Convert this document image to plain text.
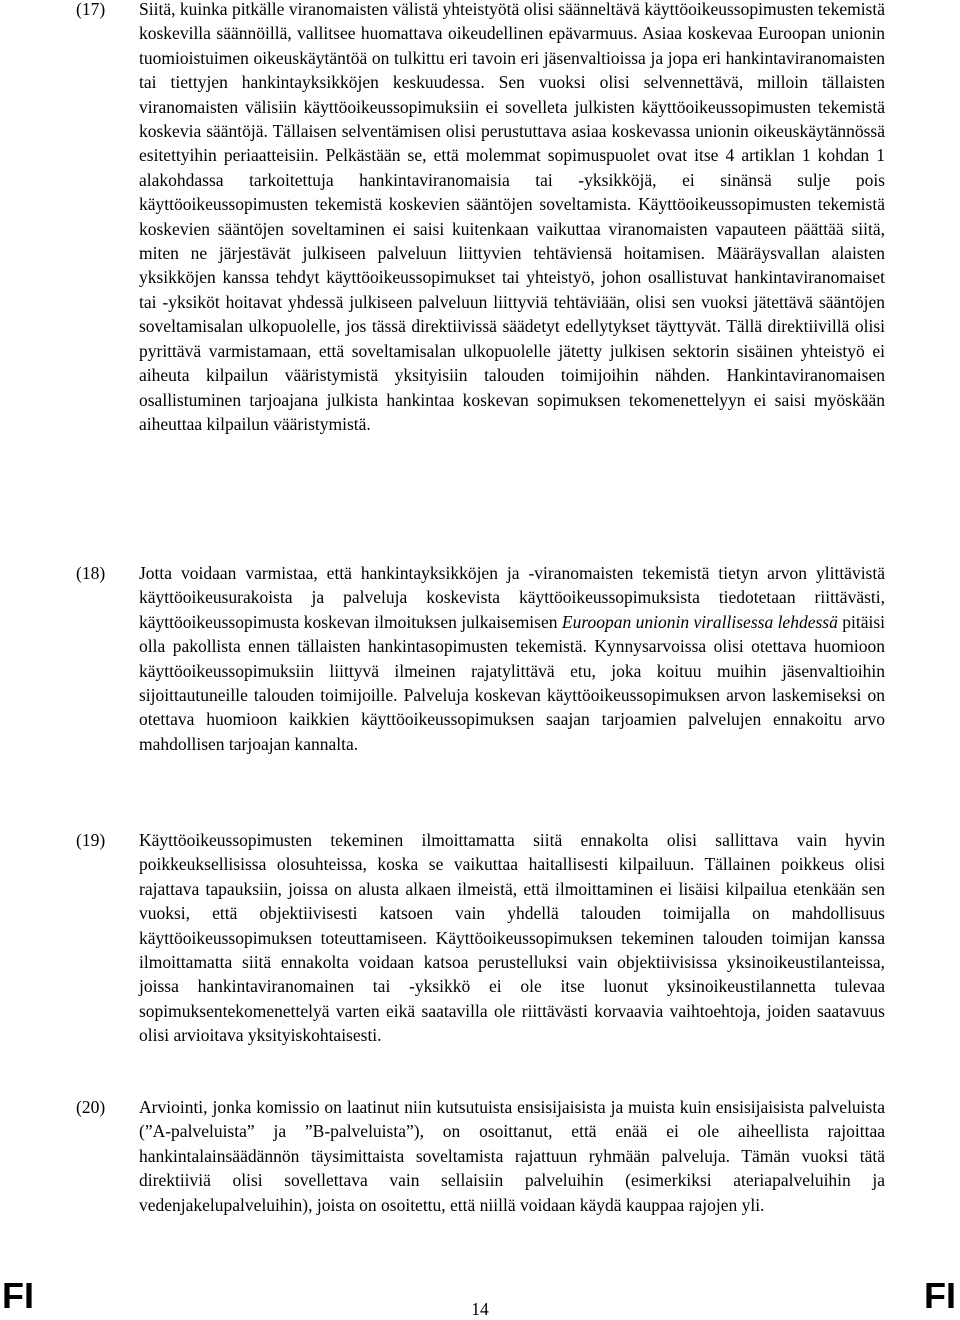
(17) Siitä, kuinka pitkälle viranomaisten välistä yhteistyötä olisi säänneltävä käyttöoikeussopimusten tekemistä koskevilla säännöillä, vallitsee huomattava oikeudellinen epävarmuus. Asiaa koskevaa Euroopan unionin tuomioistuimen oikeuskäytäntöä on tulkittu eri tavoin eri jäsenvaltioissa ja jopa eri hankintaviranomaisten tai tiettyjen hankintayksikköjen keskuudessa. Sen vuoksi olisi selvennettävä, milloin tällaisten viranomaisten välisiin käyttöoikeussopimuksiin ei sovelleta julkisten käyttöoikeussopimusten tekemistä koskevia sääntöjä. Tällaisen selventämisen olisi perustuttava asiaa koskevassa unionin oikeuskäytännössä esitettyihin periaatteisiin. Pelkästään se, että molemmat sopimuspuolet ovat itse 4 artiklan 1 kohdan 1 alakohdassa tarkoitettuja hankintaviranomaisia tai -yksikköjä, ei sinänsä sulje pois käyttöoikeussopimusten tekemistä koskevien sääntöjen soveltamista. Käyttöoikeussopimusten tekemistä koskevien sääntöjen soveltaminen ei saisi kuitenkaan vaikuttaa viranomaisten vapauteen päättää siitä, miten ne järjestävät julkiseen palveluun liittyvien tehtäviensä hoitamisen. Määräysvallan alaisten yksikköjen kanssa tehdyt käyttöoikeussopimukset tai yhteistyö, johon osallistuvat hankintaviranomaiset tai -yksiköt hoitavat yhdessä julkiseen palveluun liittyviä tehtäviään, olisi sen vuoksi jätettävä sääntöjen soveltamisalan ulkopuolelle, jos tässä direktiivissä säädetyt edellytykset täyttyvät. Tällä direktiivillä olisi pyrittävä varmistamaan, että soveltamisalan ulkopuolelle jätetty julkisen sektorin sisäinen yhteistyö ei aiheuta kilpailun vääristymistä yksityisiin talouden toimijoihin nähden. Hankintaviranomaisen osallistuminen tarjoajana julkista hankintaa koskevan sopimuksen tekomenettelyyn ei saisi myöskään aiheuttaa kilpailun vääristymistä.

(18) Jotta voidaan varmistaa, että hankintayksikköjen ja -viranomaisten tekemistä tietyn arvon ylittävistä käyttöoikeusurakoista ja palveluja koskevista käyttöoikeussopimuksista tiedotetaan riittävästi, käyttöoikeussopimusta koskevan ilmoituksen julkaisemisen Euroopan unionin virallisessa lehdessä pitäisi olla pakollista ennen tällaisten hankintasopimusten tekemistä. Kynnysarvoissa olisi otettava huomioon käyttöoikeussopimuksiin liittyvä ilmeinen rajatylittävä etu, joka koituu muihin jäsenvaltioihin sijoittautuneille talouden toimijoille. Palveluja koskevan käyttöoikeussopimuksen arvon laskemiseksi on otettava huomioon kaikkien käyttöoikeussopimuksen saajan tarjoamien palvelujen ennakoitu arvo mahdollisen tarjoajan kannalta.

(19) Käyttöoikeussopimusten tekeminen ilmoittamatta siitä ennakolta olisi sallittava vain hyvin poikkeuksellisissa olosuhteissa, koska se vaikuttaa haitallisesti kilpailuun. Tällainen poikkeus olisi rajattava tapauksiin, joissa on alusta alkaen ilmeistä, että ilmoittaminen ei lisäisi kilpailua etenkään sen vuoksi, että objektiivisesti katsoen vain yhdellä talouden toimijalla on mahdollisuus käyttöoikeussopimuksen toteuttamiseen. Käyttöoikeussopimuksen tekeminen talouden toimijan kanssa ilmoittamatta siitä ennakolta voidaan katsoa perustelluksi vain objektiivisissa yksinoikeustilanteissa, joissa hankintaviranomainen tai -yksikkö ei ole itse luonut yksinoikeustilannetta tulevaa sopimuksentekomenettelyä varten eikä saatavilla ole riittävästi korvaavia vaihtoehtoja, joiden saatavuus olisi arvioitava yksityiskohtaisesti.

(20) Arviointi, jonka komissio on laatinut niin kutsutuista ensisijaisista ja muista kuin ensisijaisista palveluista (”A-palveluista” ja ”B-palveluista”), on osoittanut, että enää ei ole aiheellista rajoittaa hankintalainsäädännön täysimittaista soveltamista rajattuun ryhmään palveluja. Tämän vuoksi tätä direktiiviä olisi sovellettava vain sellaisiin palveluihin (esimerkiksi ateriapalveluihin ja vedenjakelupalveluihin), joista on osoitettu, että niillä voidaan käydä kauppaa rajojen yli.

FI	14	FI
